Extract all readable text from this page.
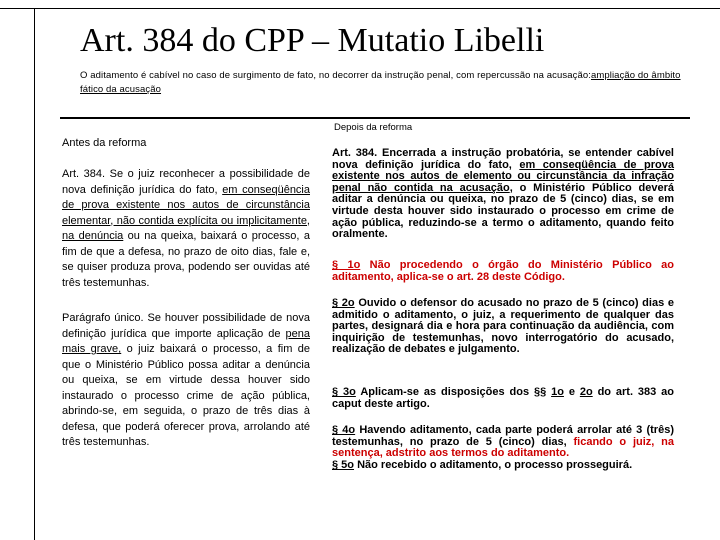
Art. 384 do CPP – Mutatio Libelli
O aditamento é cabível no caso de surgimento de fato, no decorrer da instrução penal, com repercussão na acusação:ampliação do âmbito fático da acusação
Depois da reforma
Antes da reforma
Art. 384. Se o juiz reconhecer a possibilidade de nova definição jurídica do fato, em conseqüência de prova existente nos autos de circunstância elementar, não contida explícita ou implicitamente, na denúncia ou na queixa, baixará o processo, a fim de que a defesa, no prazo de oito dias, fale e, se quiser produza prova, podendo ser ouvidas até três testemunhas.
Parágrafo único. Se houver possibilidade de nova definição jurídica que importe aplicação de pena mais grave, o juiz baixará o processo, a fim de que o Ministério Público possa aditar a denúncia ou queixa, se em virtude dessa houver sido instaurado o processo crime de ação pública, abrindo-se, em seguida, o prazo de três dias à defesa, que poderá oferecer prova, arrolando até três testemunhas.
Art. 384. Encerrada a instrução probatória, se entender cabível nova definição jurídica do fato, em conseqüência de prova existente nos autos de elemento ou circunstância da infração penal não contida na acusação, o Ministério Público deverá aditar a denúncia ou queixa, no prazo de 5 (cinco) dias, se em virtude desta houver sido instaurado o processo em crime de ação pública, reduzindo-se a termo o aditamento, quando feito oralmente.
§ 1o Não procedendo o órgão do Ministério Público ao aditamento, aplica-se o art. 28 deste Código.
§ 2o Ouvido o defensor do acusado no prazo de 5 (cinco) dias e admitido o aditamento, o juiz, a requerimento de qualquer das partes, designará dia e hora para continuação da audiência, com inquirição de testemunhas, novo interrogatório do acusado, realização de debates e julgamento.
§ 3o Aplicam-se as disposições dos §§ 1o e 2o do art. 383 ao caput deste artigo.
§ 4o Havendo aditamento, cada parte poderá arrolar até 3 (três) testemunhas, no prazo de 5 (cinco) dias, ficando o juiz, na sentença, adstrito aos termos do aditamento.
§ 5o Não recebido o aditamento, o processo prosseguirá.
